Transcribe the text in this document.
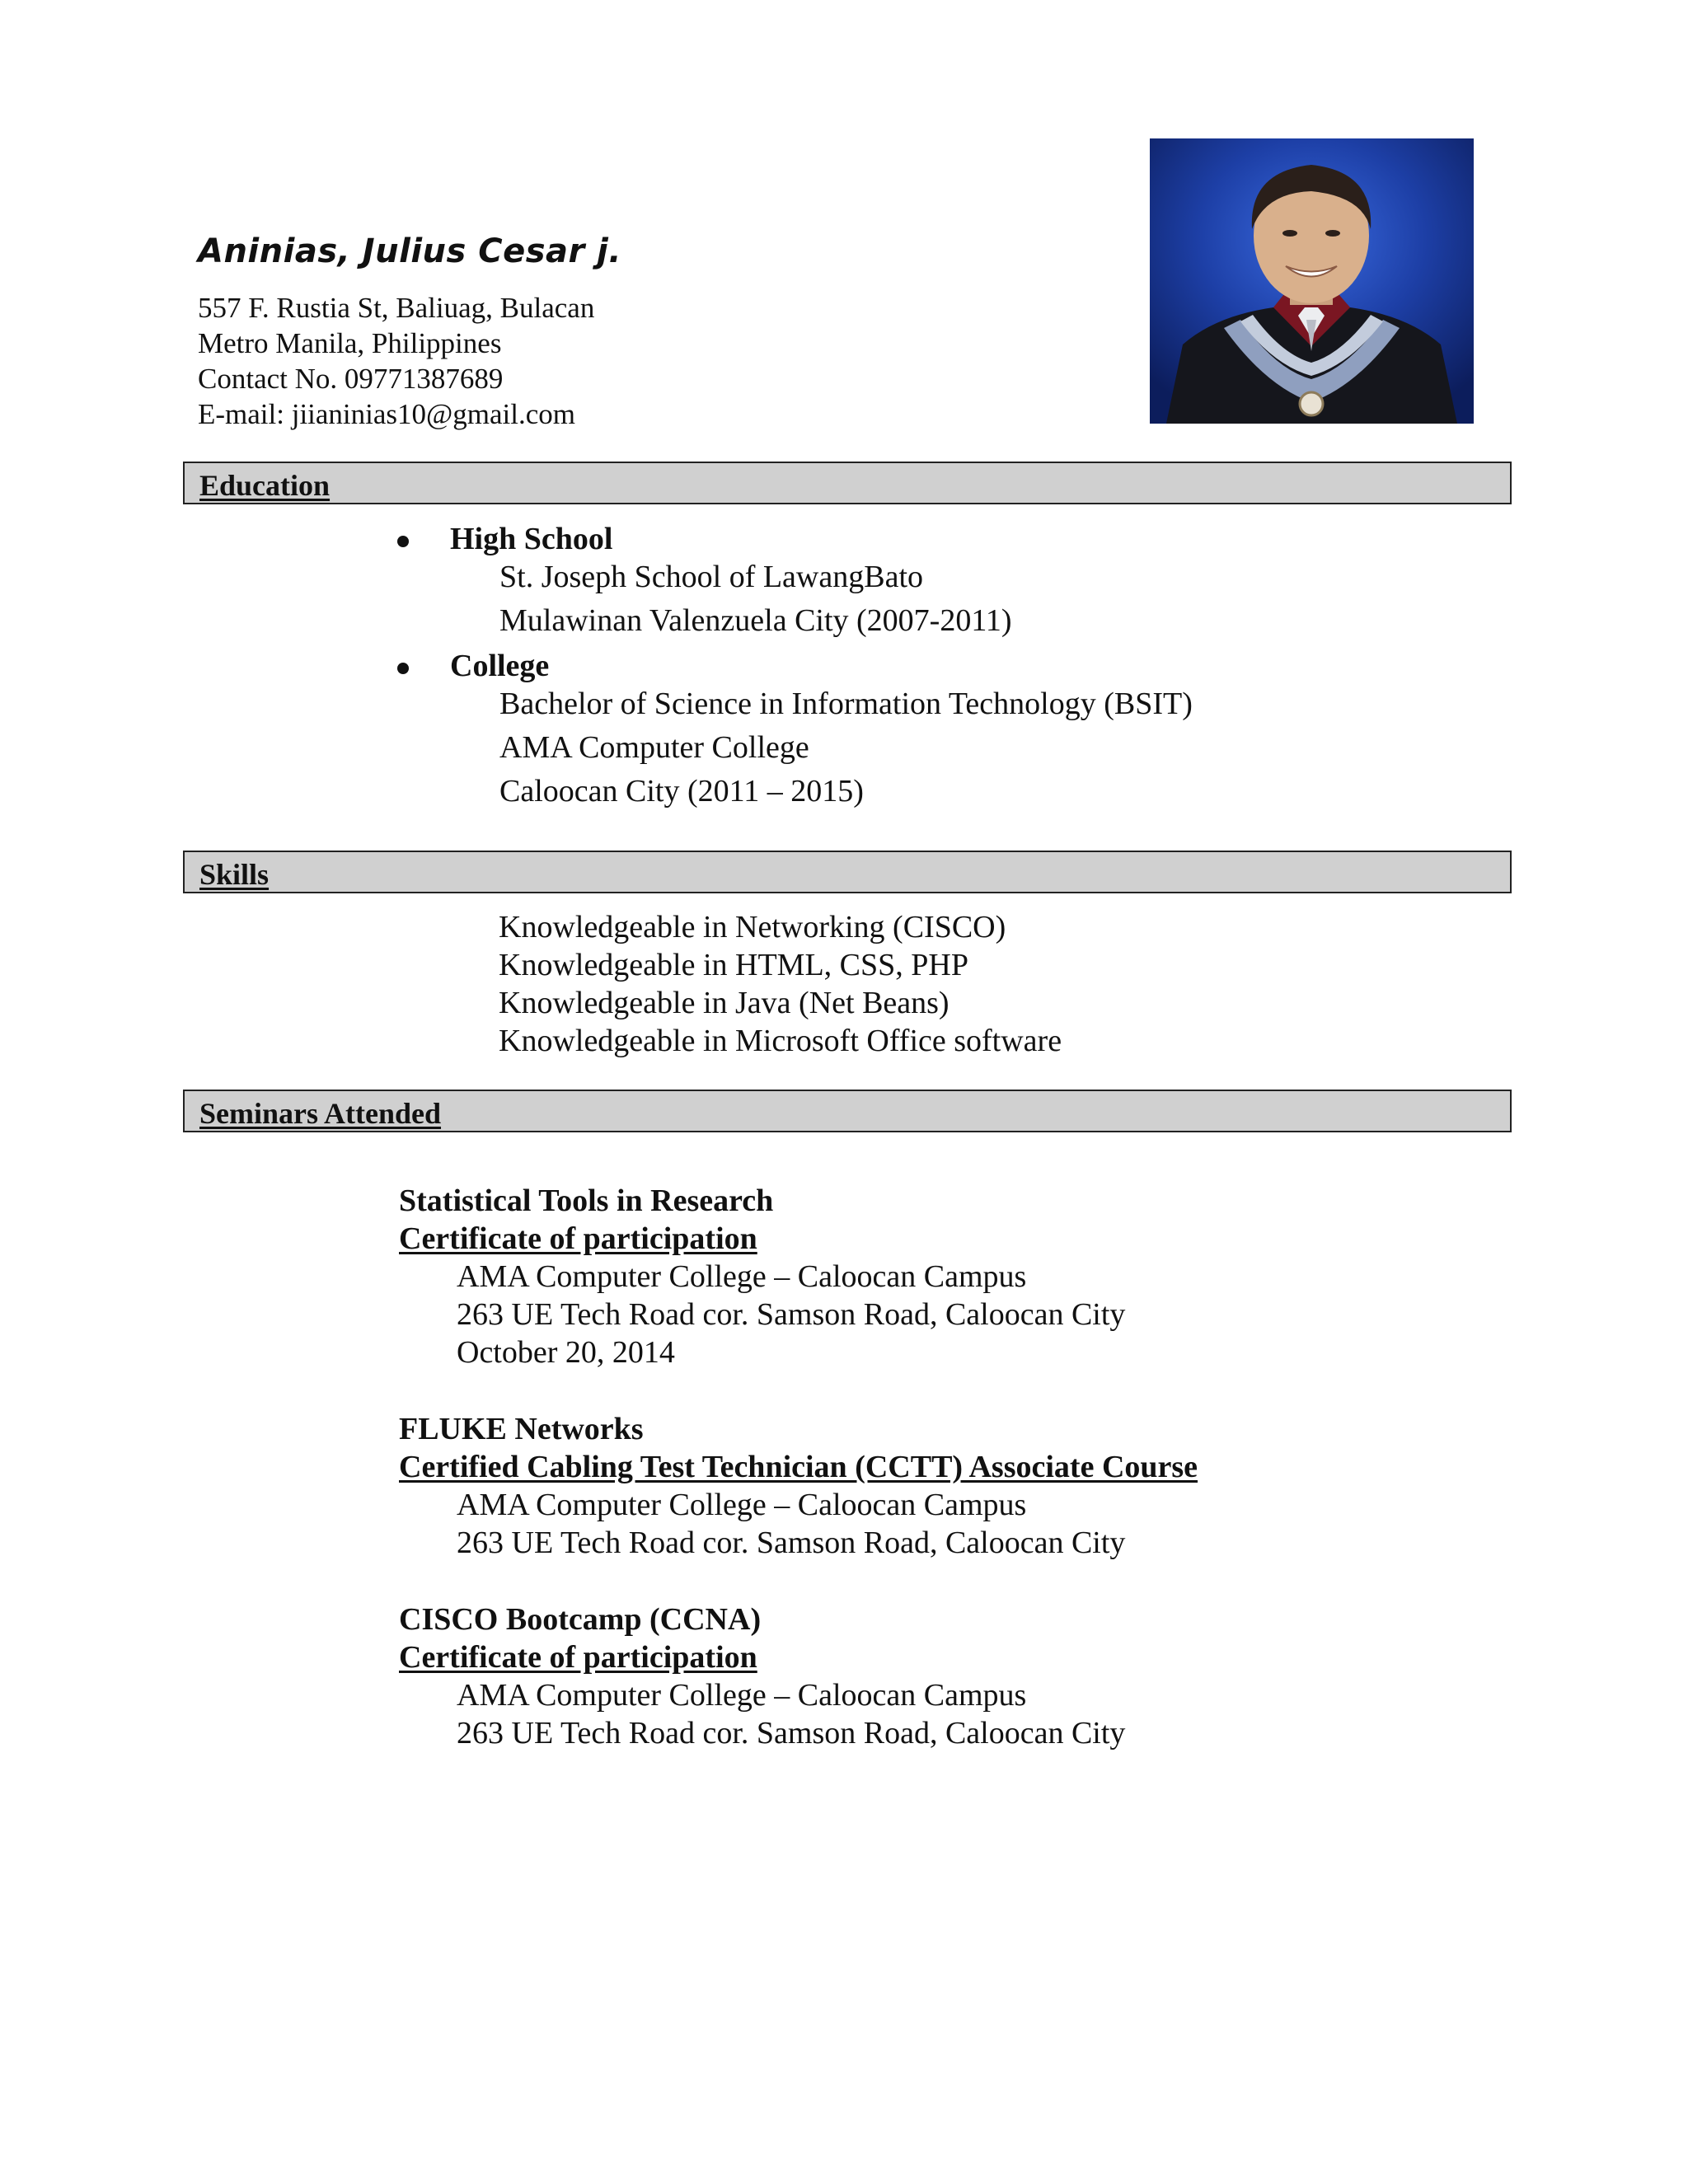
Aninias, Julius Cesar j.
557 F. Rustia St, Baliuag, Bulacan
Metro Manila, Philippines
Contact No. 09771387689
E-mail: jiianinias10@gmail.com
Education
High School
St. Joseph School of LawangBato
Mulawinan Valenzuela City (2007-2011)
College
Bachelor of Science in Information Technology (BSIT)
AMA Computer College
Caloocan City (2011 – 2015)
Skills
Knowledgeable in Networking (CISCO)
Knowledgeable in HTML, CSS, PHP
Knowledgeable in Java (Net Beans)
Knowledgeable in Microsoft Office software
Seminars Attended
Statistical Tools in Research
Certificate of participation
AMA Computer College – Caloocan Campus
263 UE Tech Road cor. Samson Road, Caloocan City
October 20, 2014
FLUKE Networks
Certified Cabling Test Technician (CCTT) Associate Course
AMA Computer College – Caloocan Campus
263 UE Tech Road cor. Samson Road, Caloocan City
CISCO Bootcamp (CCNA)
Certificate of participation
AMA Computer College – Caloocan Campus
263 UE Tech Road cor. Samson Road, Caloocan City
